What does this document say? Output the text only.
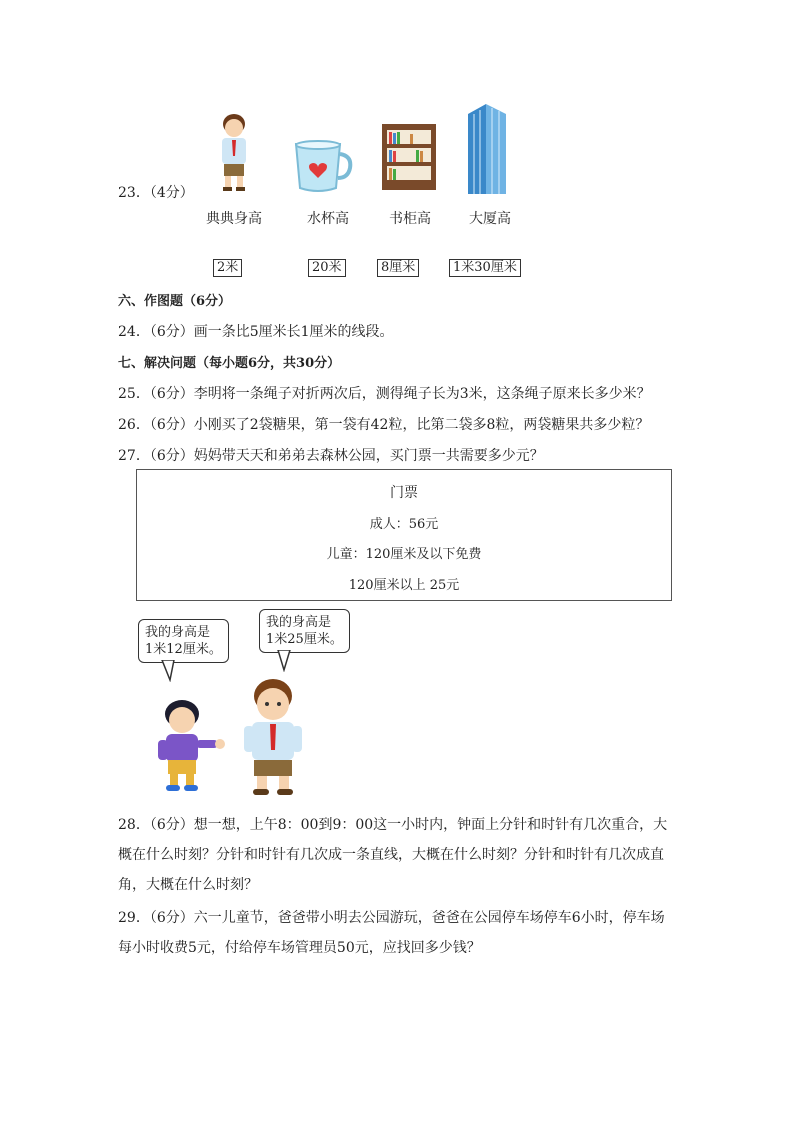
23．（4分）
典典身高	水杯高	书柜高	大厦高
2米	20米	8厘米	1米30厘米
六、作图题（6分）
24．（6分）画一条比5厘米长1厘米的线段。
七、解决问题（每小题6分，共30分）
25．（6分）李明将一条绳子对折两次后，测得绳子长为3米，这条绳子原来长多少米？
26．（6分）小刚买了2袋糖果，第一袋有42粒，比第二袋多8粒，两袋糖果共多少粒？
27．（6分）妈妈带天天和弟弟去森林公园，买门票一共需要多少元？
门票
成人：56元
儿童：120厘米及以下免费
120厘米以上 25元
我的身高是
1米12厘米。
我的身高是
1米25厘米。
28．（6分）想一想，上午8：00到9：00这一小时内，钟面上分针和时针有几次重合，大概在什么时刻？分针和时针有几次成一条直线，大概在什么时刻？分针和时针有几次成直角，大概在什么时刻？
29．（6分）六一儿童节，爸爸带小明去公园游玩，爸爸在公园停车场停车6小时，停车场每小时收费5元，付给停车场管理员50元，应找回多少钱？
